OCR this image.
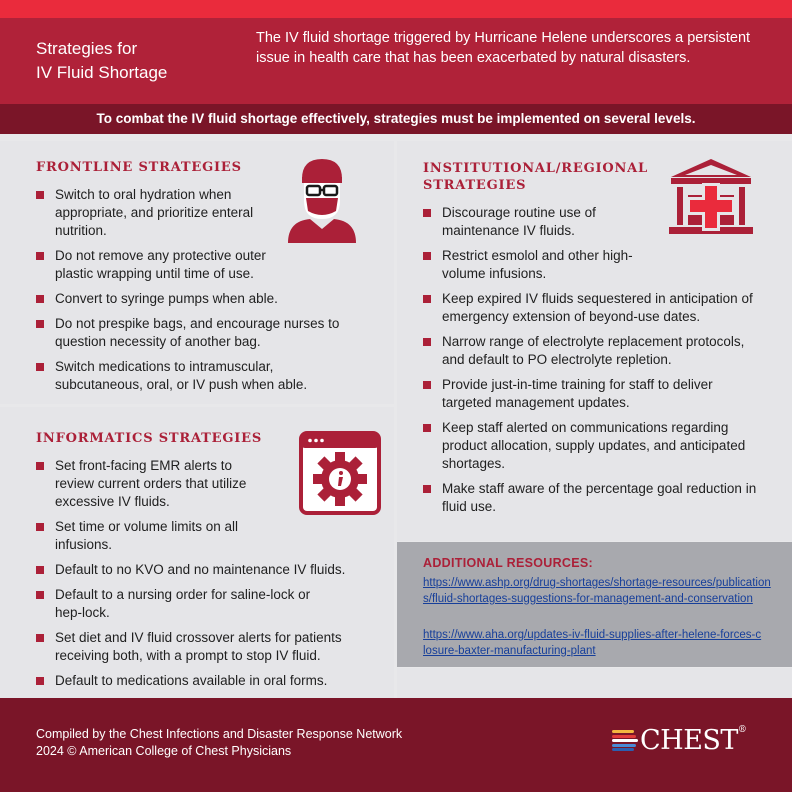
Strategies for
IV Fluid Shortage
The IV fluid shortage triggered by Hurricane Helene underscores a persistent issue in health care that has been exacerbated by natural disasters.
To combat the IV fluid shortage effectively, strategies must be implemented on several levels.
FRONTLINE STRATEGIES
Switch to oral hydration when appropriate, and prioritize enteral nutrition.
Do not remove any protective outer plastic wrapping until time of use.
Convert to syringe pumps when able.
Do not prespike bags, and encourage nurses to question necessity of another bag.
Switch medications to intramuscular, subcutaneous, oral, or IV push when able.
INFORMATICS STRATEGIES
Set front-facing EMR alerts to review current orders that utilize excessive IV fluids.
Set time or volume limits on all infusions.
Default to no KVO and no maintenance IV fluids.
Default to a nursing order for saline-lock or hep-lock.
Set diet and IV fluid crossover alerts for patients receiving both, with a prompt to stop IV fluid.
Default to medications available in oral forms.
INSTITUTIONAL/REGIONAL
STRATEGIES
Discourage routine use of maintenance IV fluids.
Restrict esmolol and other high-volume infusions.
Keep expired IV fluids sequestered in anticipation of emergency extension of beyond-use dates.
Narrow range of electrolyte replacement protocols, and default to PO electrolyte repletion.
Provide just-in-time training for staff to deliver targeted management updates.
Keep staff alerted on communications regarding product allocation, supply updates, and anticipated shortages.
Make staff aware of the percentage goal reduction in fluid use.
ADDITIONAL RESOURCES:
https://www.ashp.org/drug-shortages/shortage-resources/publications/fluid-shortages-suggestions-for-management-and-conservation
https://www.aha.org/updates-iv-fluid-supplies-after-helene-forces-closure-baxter-manufacturing-plant
Compiled by the Chest Infections and Disaster Response Network
2024 © American College of Chest Physicians	CHEST®
